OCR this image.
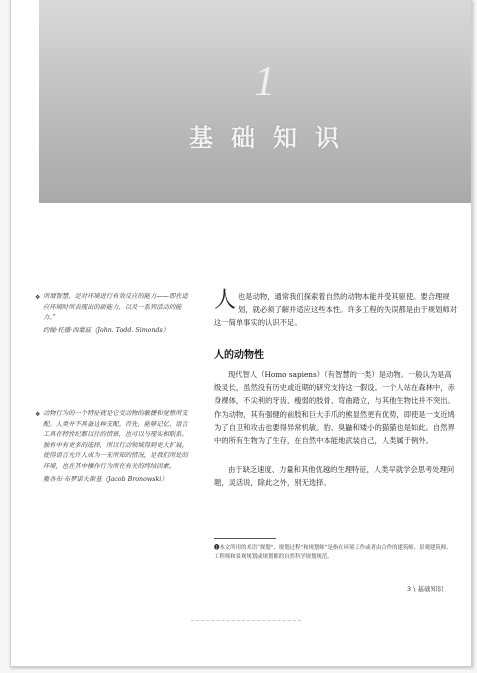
1
基础知识
❖ 所谓智慧，是对环境进行有效反应的能力——即在适应环境时所表现出的新能力，以及一系列活动的能力。”
约翰·托德·西蒙兹（John. Todd. Simonds）
❖ 动物行为的一个特征就是它受动物的敏捷和觉察所支配。人类并不具备这种支配。首先，能够记忆、语言工具在特性纪都以往的情景，也可以与现实相联系。独有中有更多的选择，所以行动领域得到更大扩展。使得语言允许人成为一无所知的情况，是我们所处的环境，也在其中操作行为所在有关的终结因素。
雅各布·布罗诺夫斯基（Jacob Bronowski）
人 也是动物，通常我们探索着自然的动物本能并受其驱使。要合理规划，就必须了解并适应这些本性。许多工程的失误都是由于规划师对这一简单事实的认识不足。
人的动物性
现代智人（Homo sapiens）（有智慧的一类）是动物。一般认为是高级灵长，虽然没有历史或近期的研究支持这一假设。一个人站在森林中，赤身裸体，不尖利的牙齿、瘦弱的肢骨、弯曲踏立，与其他生物比并不突出。作为动物，其有强健的前肢和巨大手爪的熊显然更有优势，即使是一支近鸠为了自卫和攻击也要得异常机敏。豹、臭鼬和矮小的猫猫也是如此。自然界中的所有生物为了生存，在自然中本能地武装自己，人类属于例外。
由于缺乏速度、力量和其他优越的生理特征，人类早就学会思考处理问题，灵活说，除此之外，别无选择。
❶本文所用的术语“规划”、规划过程”和规划师”是指在环境工作或者由合作的建筑师、景观建筑师、工程师和景观规划或规划都的自然科学规划规范。
3 \ 基础知识
